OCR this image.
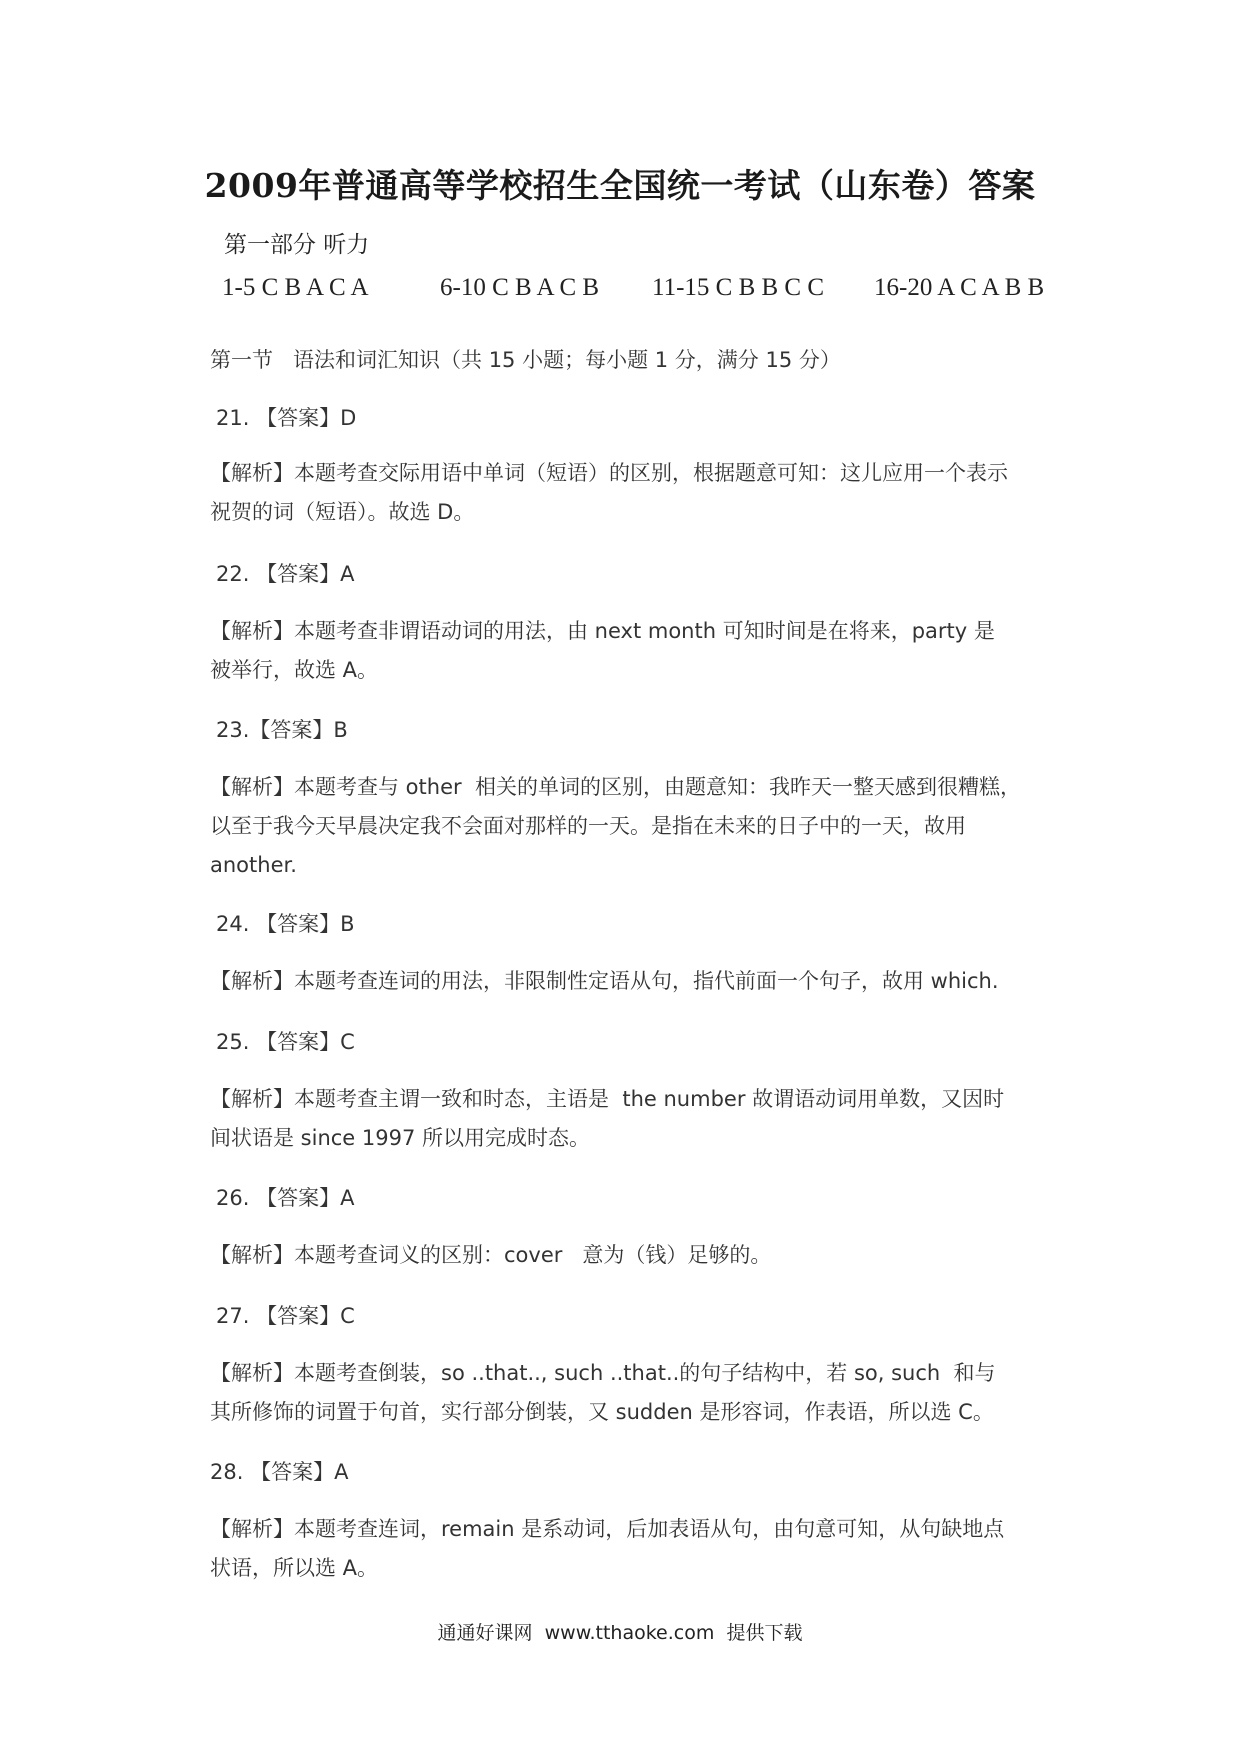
2009年普通高等学校招生全国统一考试（山东卷）答案
第一部分 听力
1-5 C B A C A	6-10 C B A C B 11-15 C B B C C 16-20 A C A B B
第一节   语法和词汇知识（共 15 小题；每小题 1 分，满分 15 分）
21. 【答案】D
【解析】本题考查交际用语中单词（短语）的区别，根据题意可知：这儿应用一个表示
祝贺的词（短语）。故选 D。
22. 【答案】A
【解析】本题考查非谓语动词的用法，由 next month 可知时间是在将来，party 是
被举行，故选 A。
23.【答案】B
【解析】本题考查与 other  相关的单词的区别，由题意知：我昨天一整天感到很糟糕，
以至于我今天早晨决定我不会面对那样的一天。是指在未来的日子中的一天，故用
another.
24. 【答案】B
【解析】本题考查连词的用法，非限制性定语从句，指代前面一个句子，故用 which.
25. 【答案】C
【解析】本题考查主谓一致和时态，主语是  the number 故谓语动词用单数，又因时
间状语是 since 1997 所以用完成时态。
26. 【答案】A
【解析】本题考查词义的区别：cover   意为（钱）足够的。
27. 【答案】C
【解析】本题考查倒装，so ..that.., such ..that..的句子结构中，若 so, such  和与
其所修饰的词置于句首，实行部分倒装，又 sudden 是形容词，作表语，所以选 C。
28. 【答案】A
【解析】本题考查连词，remain 是系动词，后加表语从句，由句意可知，从句缺地点
状语，所以选 A。
通通好课网  www.tthaoke.com  提供下载
